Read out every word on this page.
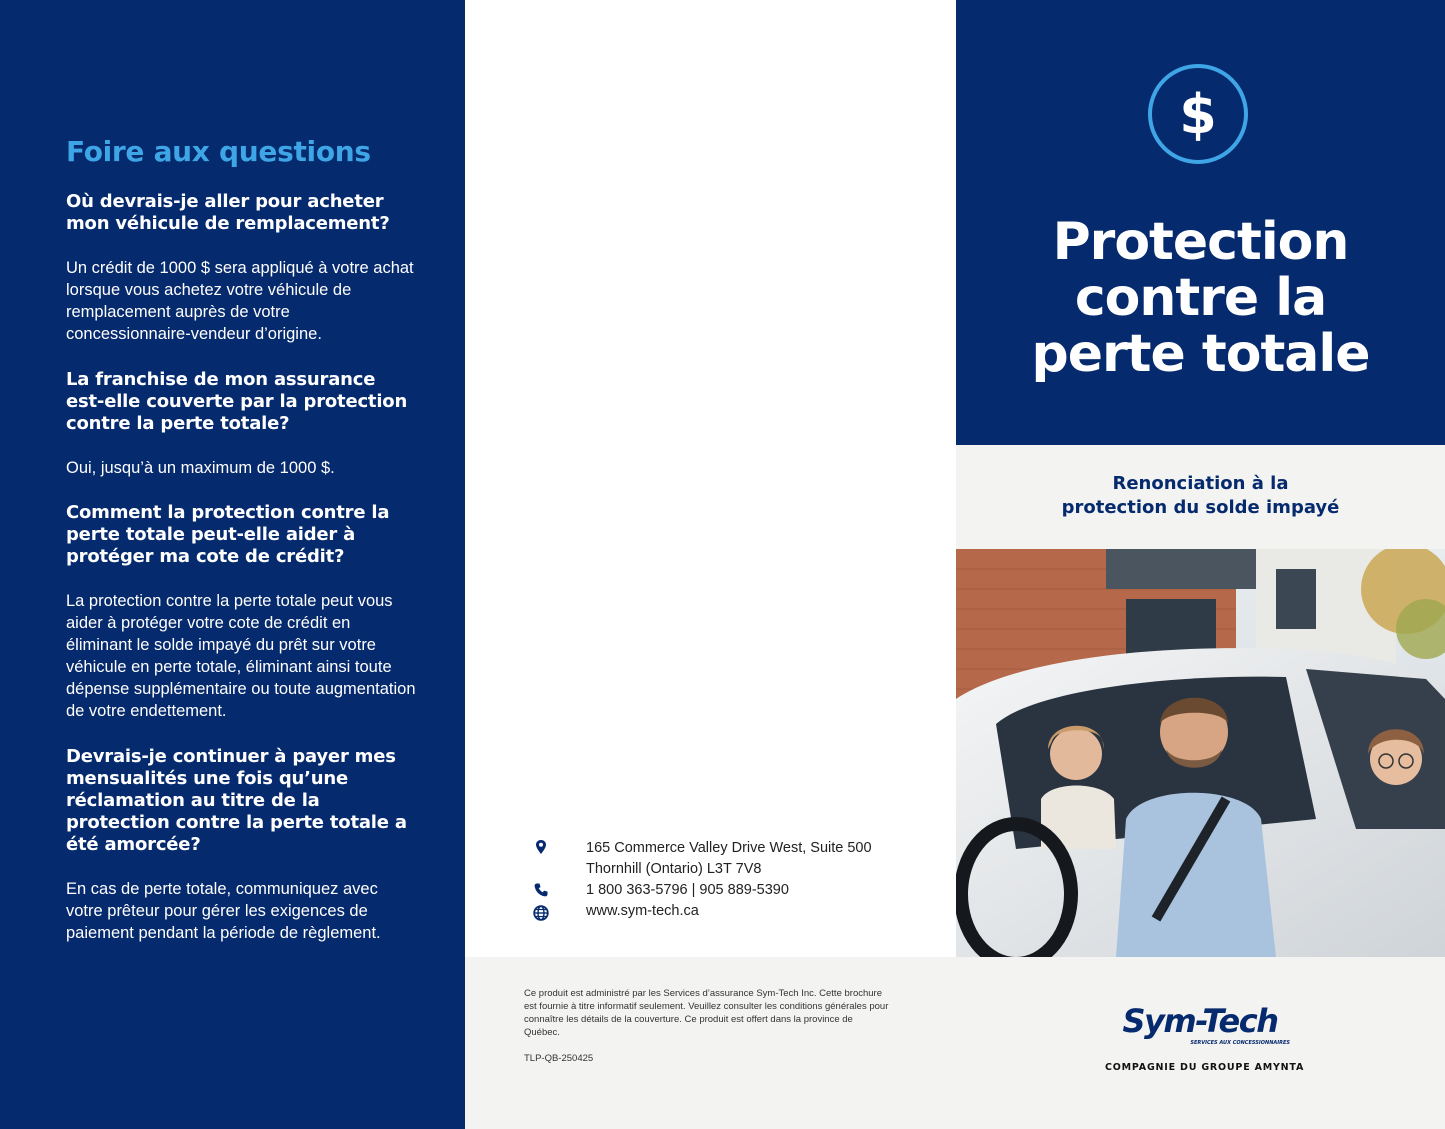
Foire aux questions

Où devrais-je aller pour acheter mon véhicule de remplacement?

Un crédit de 1000 $ sera appliqué à votre achat lorsque vous achetez votre véhicule de remplacement auprès de votre concessionnaire-vendeur d’origine.

La franchise de mon assurance est-elle couverte par la protection contre la perte totale?

Oui, jusqu’à un maximum de 1000 $.

Comment la protection contre la perte totale peut-elle aider à protéger ma cote de crédit?

La protection contre la perte totale peut vous aider à protéger votre cote de crédit en éliminant le solde impayé du prêt sur votre véhicule en perte totale, éliminant ainsi toute dépense supplémentaire ou toute augmentation de votre endettement.

Devrais-je continuer à payer mes mensualités une fois qu’une réclamation au titre de la protection contre la perte totale a été amorcée?

En cas de perte totale, communiquez avec votre prêteur pour gérer les exigences de paiement pendant la période de règlement.

165 Commerce Valley Drive West, Suite 500
Thornhill (Ontario) L3T 7V8
1 800 363-5796 | 905 889-5390
www.sym-tech.ca

Ce produit est administré par les Services d’assurance Sym-Tech Inc. Cette brochure est fournie à titre informatif seulement. Veuillez consulter les conditions générales pour connaître les détails de la couverture. Ce produit est offert dans la province de Québec.

TLP-QB-250425
$
Protection
contre la
perte totale

Renonciation à la
protection du solde impayé

Sym-Tech
SERVICES AUX CONCESSIONNAIRES
COMPAGNIE DU GROUPE AMYNTA
